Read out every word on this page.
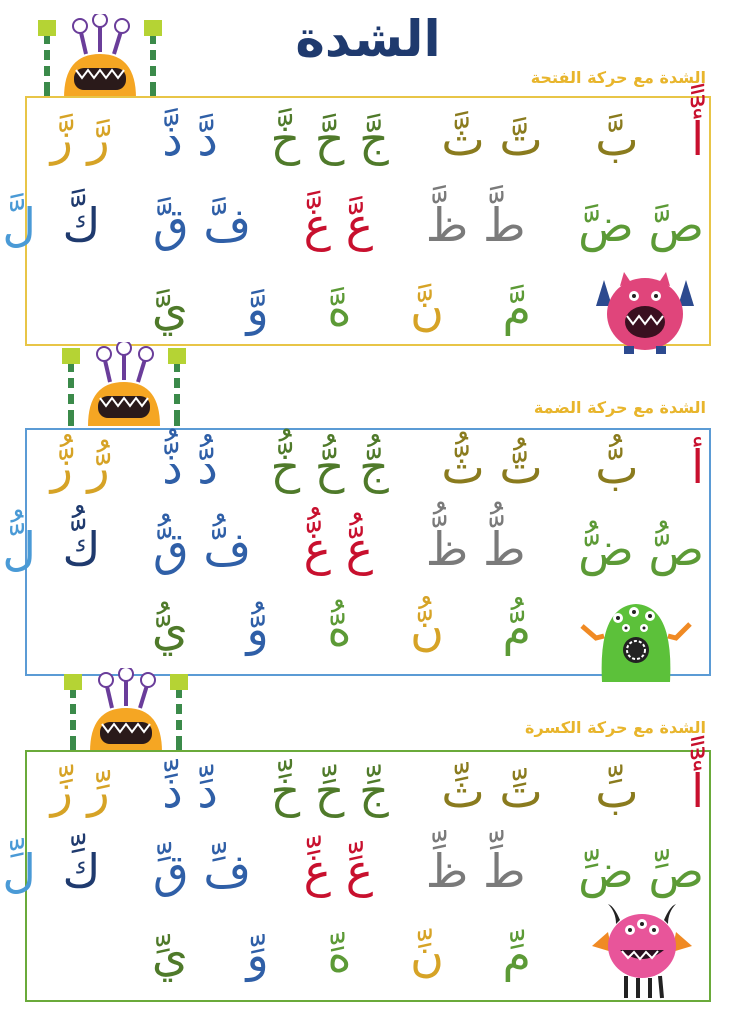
الشدة
الشدة مع حركة الفتحة
أًّ بَّ تَّ ثَّ جَّ حَّ خَّ دَّ ذَّ رَّ زَّ
صَّ ضَّ طَّ ظَّ عَّ غَّ فَّ قَّ كَّ لَّ
مَّ نَّ هَّ وَّ يَّ
الشدة مع حركة الضمة
أ بُّ تُّ ثُّ جُّ حُّ خُّ دُّ ذُّ رُّ زُّ
صُّ ضُّ طُّ ظُّ عُّ غُّ فُّ قُّ كُّ لُّ
مُّ نُّ هُّ وُّ يُّ
الشدة مع حركة الكسرة
أًّ بِّ تِّ ثِّ جِّ حِّ خِّ دِّ ذِّ رِّ زِّ
صِّ ضِّ طِّ ظِّ عِّ غِّ فِّ قِّ كِّ لِّ
مِّ نِّ هِّ وِّ يِّ
